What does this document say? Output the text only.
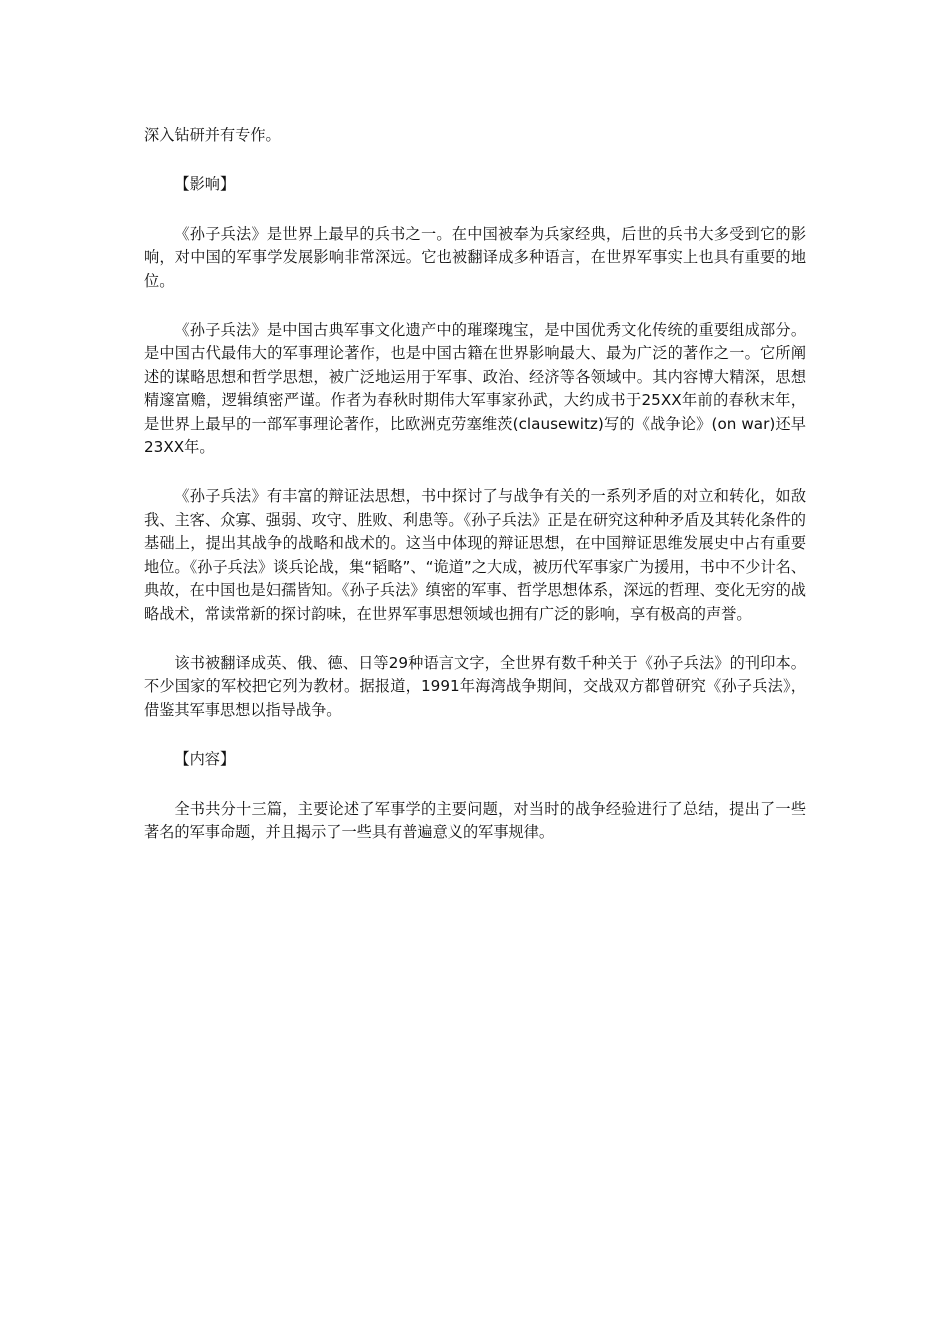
深入钻研并有专作。

【影响】

《孙子兵法》是世界上最早的兵书之一。在中国被奉为兵家经典，后世的兵书大多受到它的影响，对中国的军事学发展影响非常深远。它也被翻译成多种语言，在世界军事实上也具有重要的地位。

《孙子兵法》是中国古典军事文化遗产中的璀璨瑰宝，是中国优秀文化传统的重要组成部分。是中国古代最伟大的军事理论著作，也是中国古籍在世界影响最大、最为广泛的著作之一。它所阐述的谋略思想和哲学思想，被广泛地运用于军事、政治、经济等各领域中。其内容博大精深，思想精邃富赡，逻辑缜密严谨。作者为春秋时期伟大军事家孙武，大约成书于25XX年前的春秋末年，是世界上最早的一部军事理论著作，比欧洲克劳塞维茨(clausewitz)写的《战争论》(on war)还早23XX年。

《孙子兵法》有丰富的辩证法思想，书中探讨了与战争有关的一系列矛盾的对立和转化，如敌我、主客、众寡、强弱、攻守、胜败、利患等。《孙子兵法》正是在研究这种种矛盾及其转化条件的基础上，提出其战争的战略和战术的。这当中体现的辩证思想，在中国辩证思维发展史中占有重要地位。《孙子兵法》谈兵论战，集“韬略”、“诡道”之大成，被历代军事家广为援用，书中不少计名、典故，在中国也是妇孺皆知。《孙子兵法》缜密的军事、哲学思想体系，深远的哲理、变化无穷的战略战术，常读常新的探讨韵味，在世界军事思想领域也拥有广泛的影响，享有极高的声誉。

该书被翻译成英、俄、德、日等29种语言文字，全世界有数千种关于《孙子兵法》的刊印本。不少国家的军校把它列为教材。据报道，1991年海湾战争期间，交战双方都曾研究《孙子兵法》，借鉴其军事思想以指导战争。

【内容】

全书共分十三篇，主要论述了军事学的主要问题，对当时的战争经验进行了总结，提出了一些著名的军事命题，并且揭示了一些具有普遍意义的军事规律。
